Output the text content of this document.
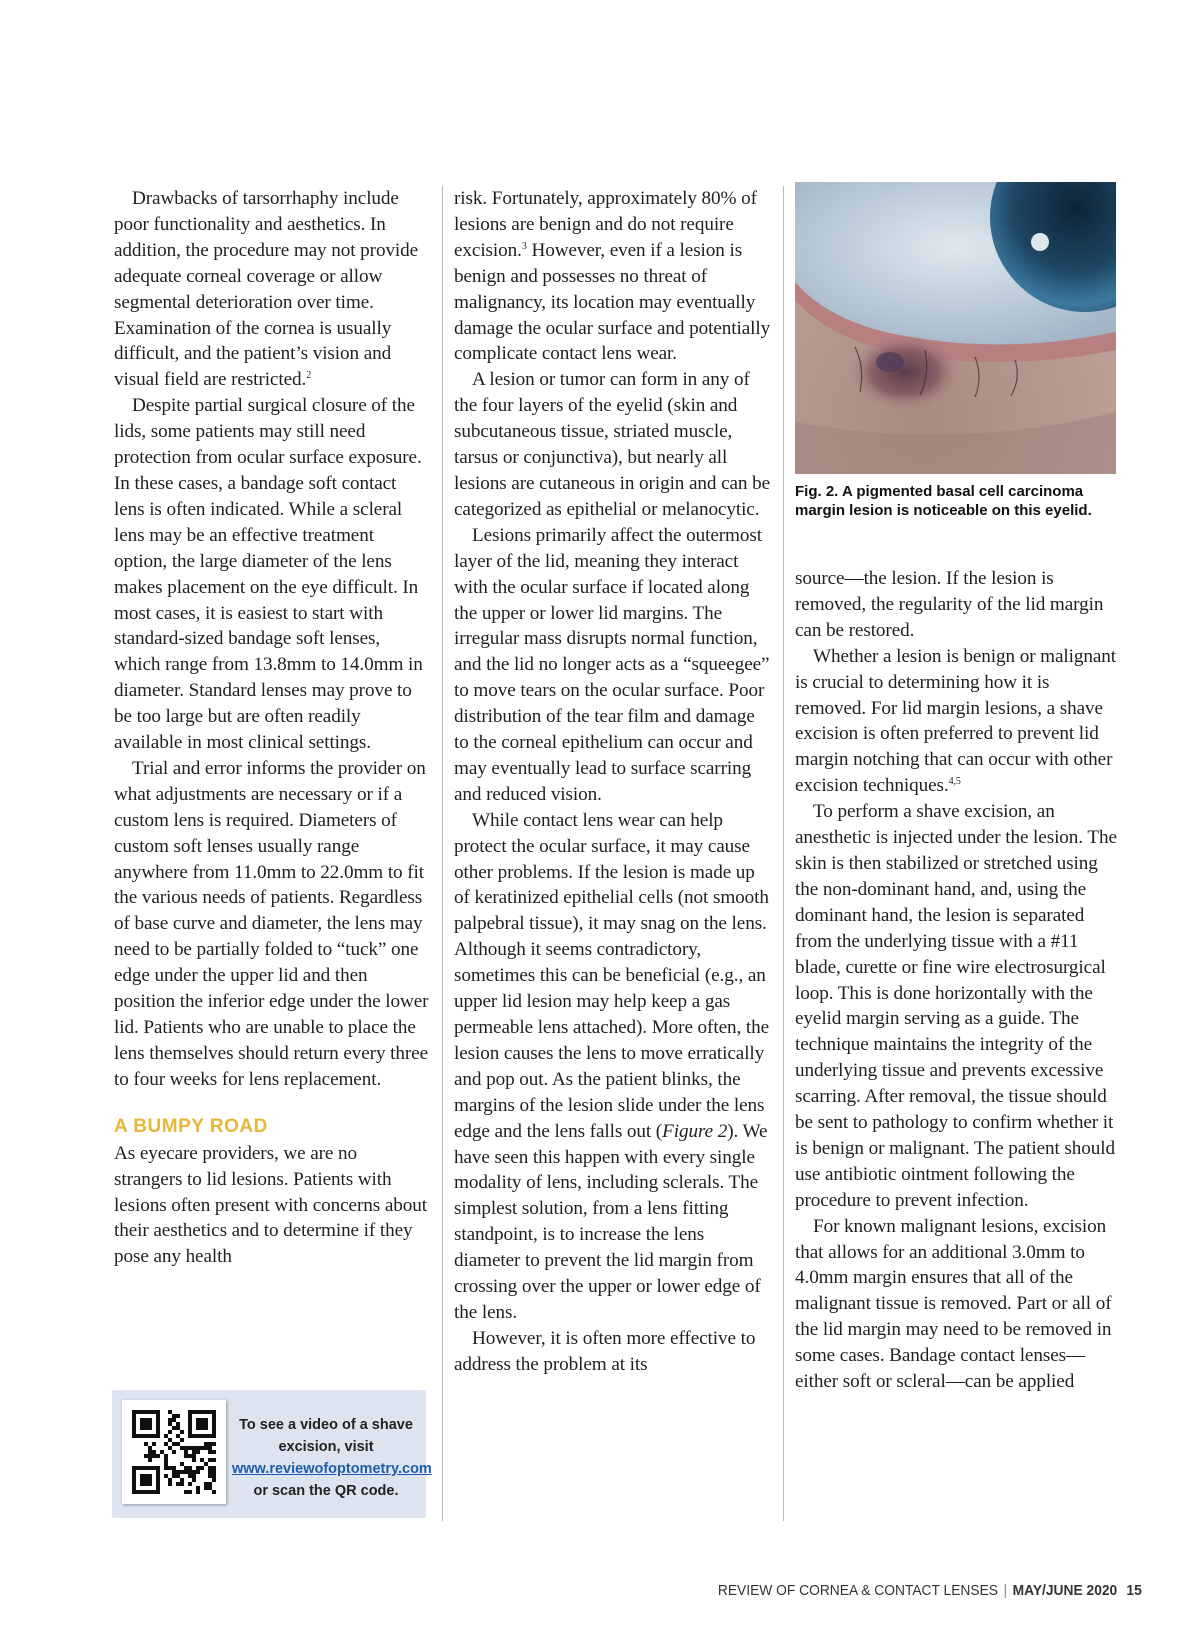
Drawbacks of tarsorrhaphy include poor functionality and aesthetics. In addition, the procedure may not provide adequate corneal coverage or allow segmental deterioration over time. Examination of the cornea is usually difficult, and the patient’s vision and visual field are restricted.$^2$

Despite partial surgical closure of the lids, some patients may still need protection from ocular surface exposure. In these cases, a bandage soft contact lens is often indicated. While a scleral lens may be an effective treatment option, the large diameter of the lens makes placement on the eye difficult. In most cases, it is easiest to start with standard-sized bandage soft lenses, which range from 13.8mm to 14.0mm in diameter. Standard lenses may prove to be too large but are often readily available in most clinical settings.

Trial and error informs the provider on what adjustments are necessary or if a custom lens is required. Diameters of custom soft lenses usually range anywhere from 11.0mm to 22.0mm to fit the various needs of patients. Regardless of base curve and diameter, the lens may need to be partially folded to “tuck” one edge under the upper lid and then position the inferior edge under the lower lid. Patients who are unable to place the lens themselves should return every three to four weeks for lens replacement.

A BUMPY ROAD

As eyecare providers, we are no strangers to lid lesions. Patients with lesions often present with concerns about their aesthetics and to determine if they pose any health

To see a video of a shave excision, visit www.reviewofoptometry.com or scan the QR code.

risk. Fortunately, approximately 80% of lesions are benign and do not require excision.$^3$ However, even if a lesion is benign and possesses no threat of malignancy, its location may eventually damage the ocular surface and potentially complicate contact lens wear.

A lesion or tumor can form in any of the four layers of the eyelid (skin and subcutaneous tissue, striated muscle, tarsus or conjunctiva), but nearly all lesions are cutaneous in origin and can be categorized as epithelial or melanocytic.

Lesions primarily affect the outermost layer of the lid, meaning they interact with the ocular surface if located along the upper or lower lid margins. The irregular mass disrupts normal function, and the lid no longer acts as a “squeegee” to move tears on the ocular surface. Poor distribution of the tear film and damage to the corneal epithelium can occur and may eventually lead to surface scarring and reduced vision.

While contact lens wear can help protect the ocular surface, it may cause other problems. If the lesion is made up of keratinized epithelial cells (not smooth palpebral tissue), it may snag on the lens. Although it seems contradictory, sometimes this can be beneficial (e.g., an upper lid lesion may help keep a gas permeable lens attached). More often, the lesion causes the lens to move erratically and pop out. As the patient blinks, the margins of the lesion slide under the lens edge and the lens falls out (Figure 2). We have seen this happen with every single modality of lens, including sclerals. The simplest solution, from a lens fitting standpoint, is to increase the lens diameter to prevent the lid margin from crossing over the upper or lower edge of the lens.

However, it is often more effective to address the problem at its

Fig. 2. A pigmented basal cell carcinoma margin lesion is noticeable on this eyelid.

source—the lesion. If the lesion is removed, the regularity of the lid margin can be restored.

Whether a lesion is benign or malignant is crucial to determining how it is removed. For lid margin lesions, a shave excision is often preferred to prevent lid margin notching that can occur with other excision techniques.$^{4,5}$

To perform a shave excision, an anesthetic is injected under the lesion. The skin is then stabilized or stretched using the non-dominant hand, and, using the dominant hand, the lesion is separated from the underlying tissue with a #11 blade, curette or fine wire electrosurgical loop. This is done horizontally with the eyelid margin serving as a guide. The technique maintains the integrity of the underlying tissue and prevents excessive scarring. After removal, the tissue should be sent to pathology to confirm whether it is benign or malignant. The patient should use antibiotic ointment following the procedure to prevent infection.

For known malignant lesions, excision that allows for an additional 3.0mm to 4.0mm margin ensures that all of the malignant tissue is removed. Part or all of the lid margin may need to be removed in some cases. Bandage contact lenses—either soft or scleral—can be applied

REVIEW OF CORNEA & CONTACT LENSES | MAY/JUNE 2020 15
